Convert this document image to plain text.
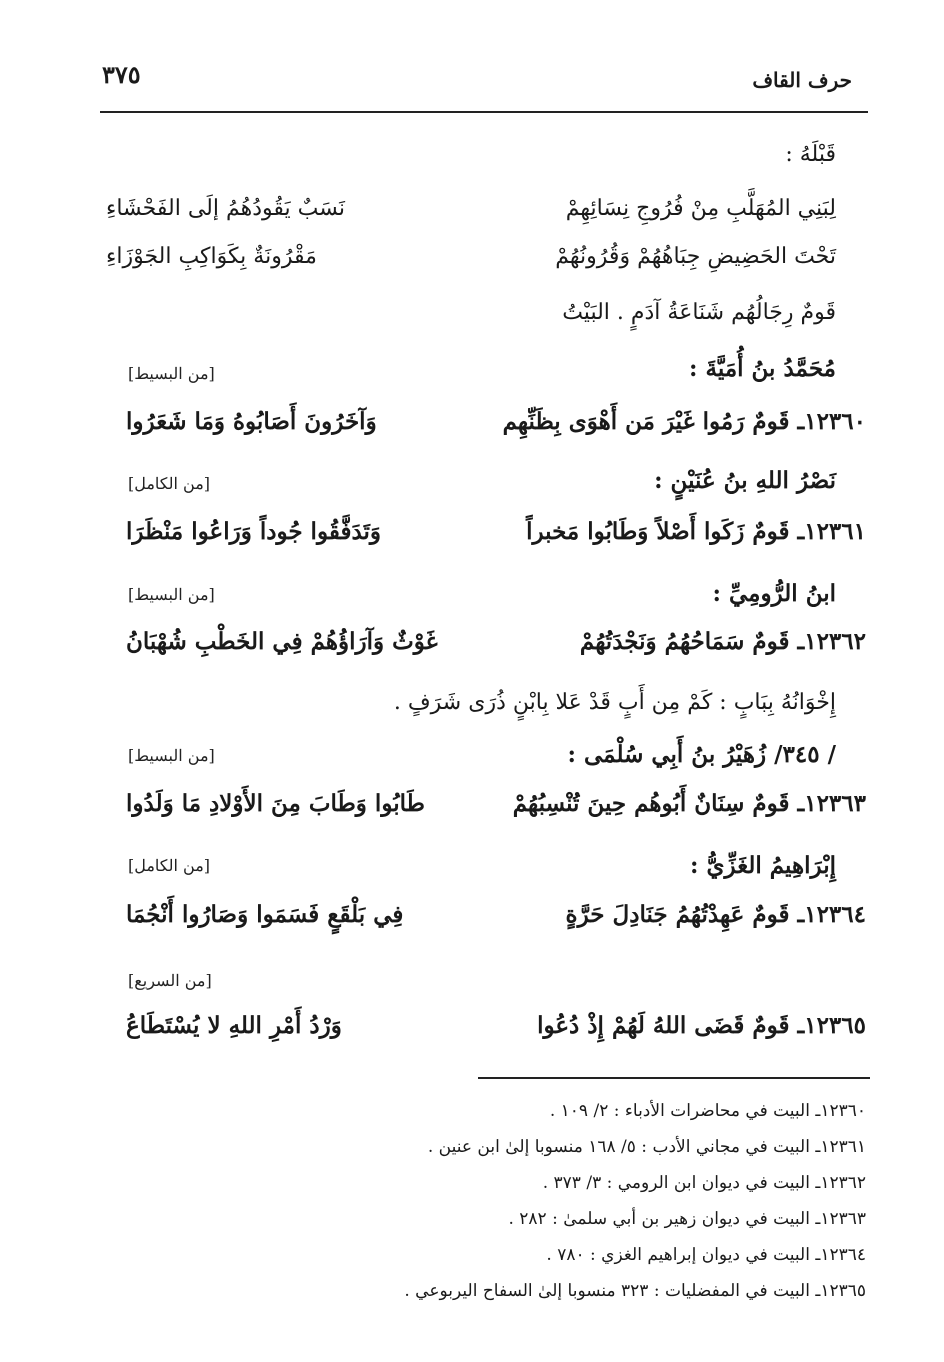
حرف القاف
٣٧٥
قَبْلَهُ :
لِبَنِي المُهَلَّبِ مِنْ فُرُوجِ نِسَائِهِمْ
نَسَبٌ يَقُودُهُمُ إلَى الفَحْشَاءِ
تَحْتَ الحَضِيضِ جِبَاهُهُمْ وَقُرُونُهُمْ
مَقْرُونَةٌ بِكَوَاكِبِ الجَوْزَاءِ
قَومٌ رِجَالُهُم شَنَاعَةُ آدَمٍ . البَيْتُ
مُحَمَّدُ بنُ أُمَيَّةَ :
[من البسيط]
١٢٣٦٠ـ قَومٌ رَمُوا غَيْرَ مَن أَهْوَى بِظَنِّهِم
وَآخَرُونَ أَصَابُوهُ وَمَا شَعَرُوا
نَصْرُ اللهِ بنُ عُنَيْنٍ :
[من الكامل]
١٢٣٦١ـ قَومٌ زَكَوا أَصْلاً وَطَابُوا مَخبراً
وَتَدَفَّقُوا جُوداً وَرَاعُوا مَنْظَرَا
ابنُ الرُّومِيِّ :
[من البسيط]
١٢٣٦٢ـ قَومٌ سَمَاحُهُمُ وَنَجْدَتُهُمْ
غَوْثٌ وَآرَاؤُهُمْ فِي الخَطْبِ شُهْبَانُ
إِخْوَانُهُ بِبَابٍ : كَمْ مِن أَبٍ قَدْ عَلا بِابْنٍ ذُرَى شَرَفٍ .
/ ٣٤٥/ زُهَيْرُ بنُ أَبِي سُلْمَى :
[من البسيط]
١٢٣٦٣ـ قَومٌ سِنَانٌ أَبُوهُم حِينَ تُنْسِبُهُمْ
طَابُوا وَطَابَ مِنَ الأَوْلادِ مَا وَلَدُوا
إِبْرَاهِيمُ الغَزِّيُّ :
[من الكامل]
١٢٣٦٤ـ قَومٌ عَهِدْتُهُمُ جَنَادِلَ حَرَّةٍ
فِي بَلْقَعٍ فَسَمَوا وَصَارُوا أَنْجُمَا
[من السريع]
١٢٣٦٥ـ قَومٌ قَضَى اللهُ لَهُمْ إِذْ دُعُوا
وَرْدُ أَمْرِ اللهِ لا يُسْتَطَاعُ
١٢٣٦٠ـ البيت في محاضرات الأدباء : ٢/ ١٠٩ .
١٢٣٦١ـ البيت في مجاني الأدب : ٥/ ١٦٨ منسوبا إلىٰ ابن عنين .
١٢٣٦٢ـ البيت في ديوان ابن الرومي : ٣/ ٣٧٣ .
١٢٣٦٣ـ البيت في ديوان زهير بن أبي سلمىٰ : ٢٨٢ .
١٢٣٦٤ـ البيت في ديوان إبراهيم الغزي : ٧٨٠ .
١٢٣٦٥ـ البيت في المفضليات : ٣٢٣ منسوبا إلىٰ السفاح اليربوعي .
